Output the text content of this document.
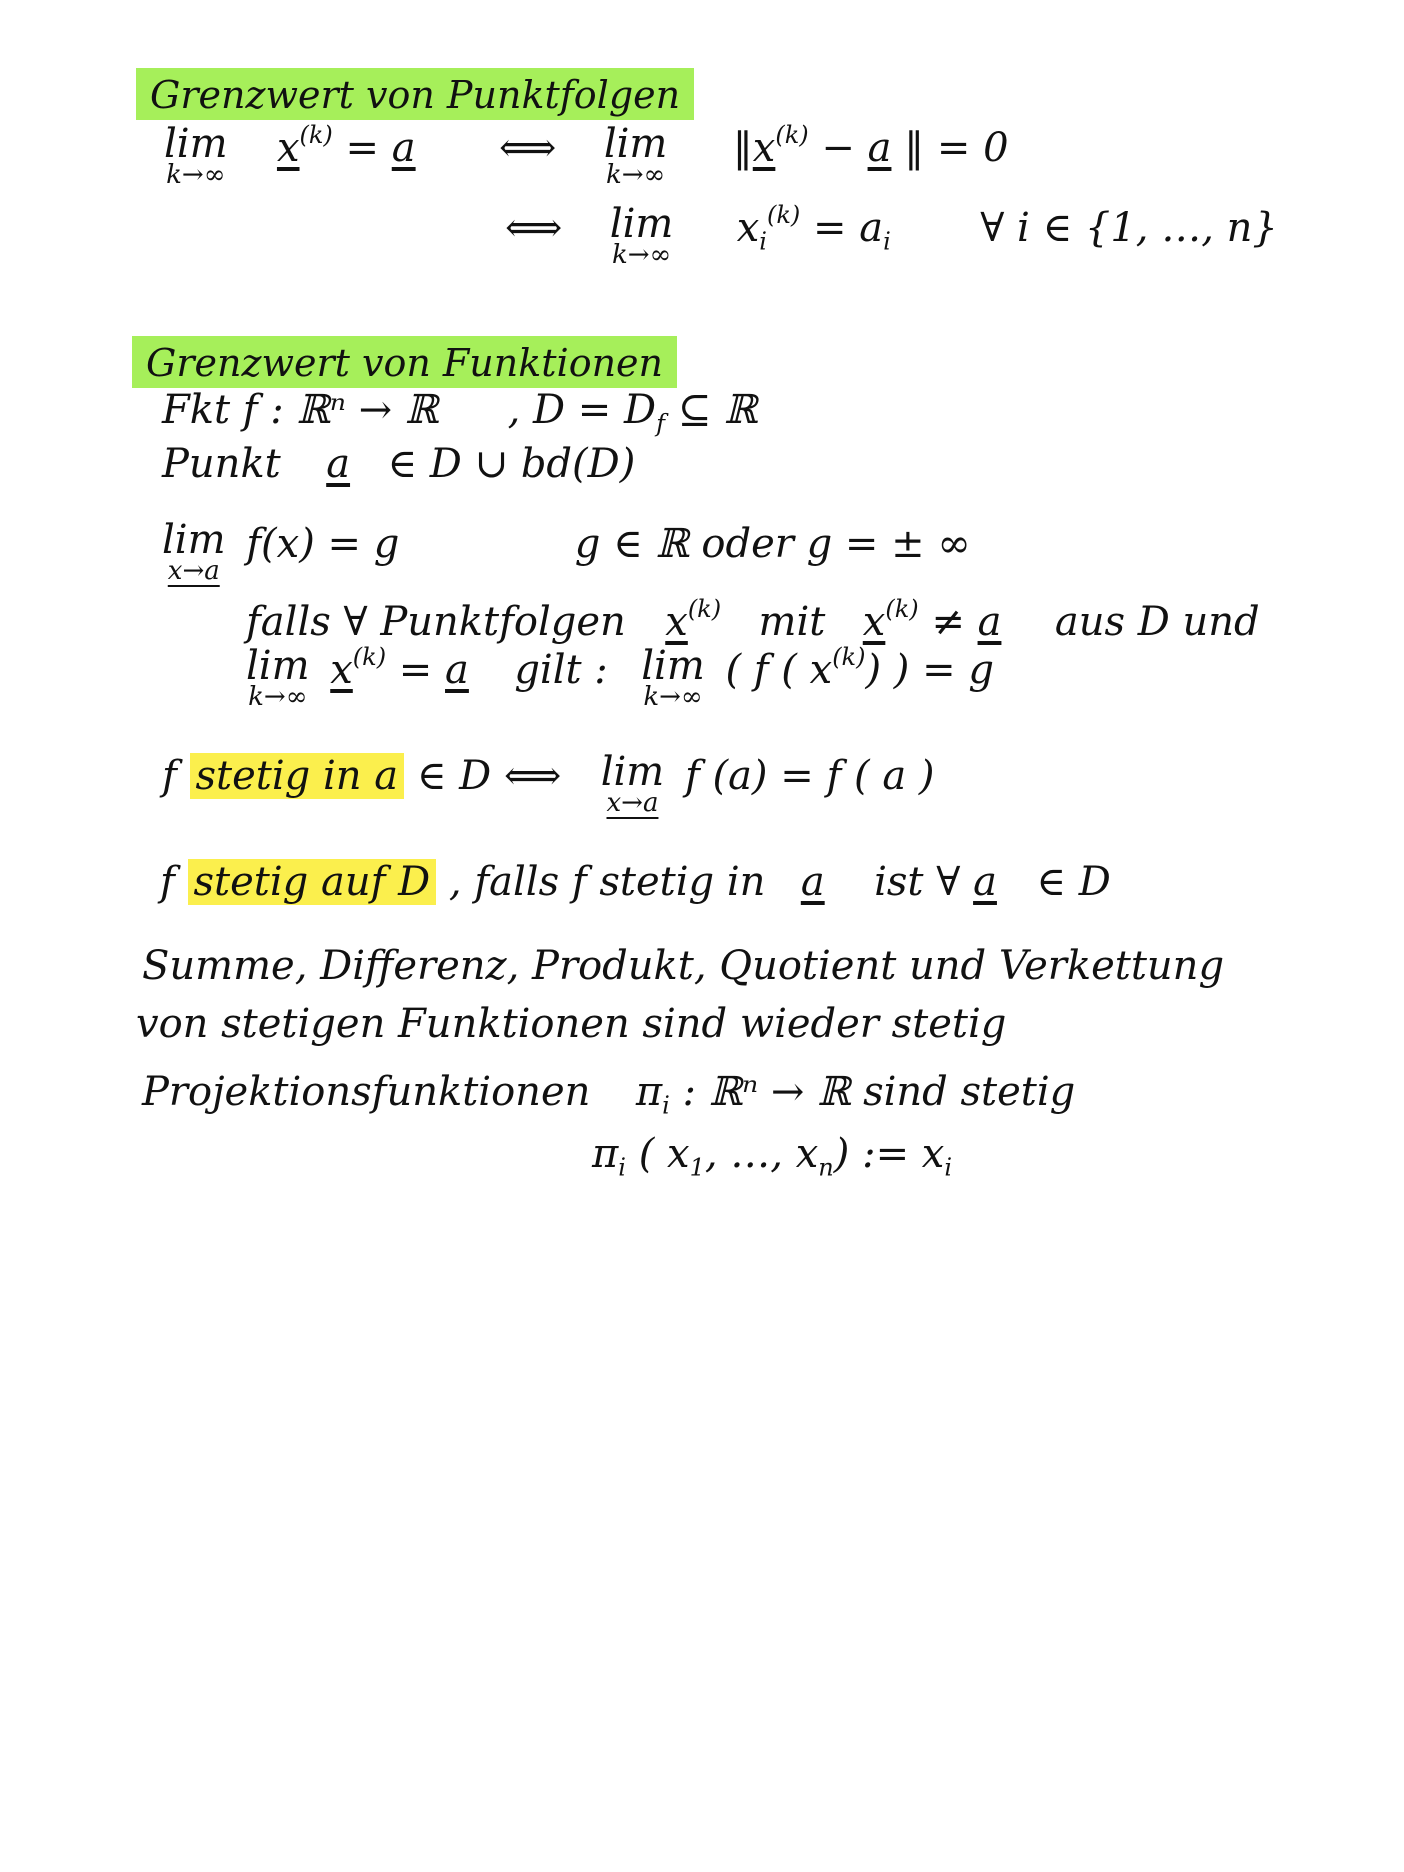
Grenzwert von Punktfolgen
lim
k→∞
$x^{(k)} = a$ ⟺ lim
k→∞
$‖x^{(k)} - a$ ‖ = 0
⟺ lim
k→∞
$x_i^{(k)} = a_i$ ∀ i ∈ {1, …, n}
Grenzwert von Funktionen
Fkt f : ℝⁿ → ℝ , $D = D_f$ ⊆ ℝ
Punkt a ∈ D ∪ bd(D)
lim
x→a
f(x) = g	g ∈ ℝ oder g = ± ∞
falls ∀ Punktfolgen $x^{(k)}$ mit $x^{(k)} \ne a$ aus D und
lim
k→∞
$x^{(k)} = a$ gilt : lim
k→∞
( f ( $x^{(k)}$) ) = g
f stetig in a ∈ D ⟺ lim
x→a
f (a) = f ( a )
f stetig auf D , falls f stetig in a ist ∀ a ∈ D
Summe, Differenz, Produkt, Quotient und Verkettung
von stetigen Funktionen sind wieder stetig
Projektionsfunktionen $\pi_i$ : ℝⁿ → ℝ sind stetig
$\pi_i$ ( $x_1$, …, $x_n$) := $x_i$
